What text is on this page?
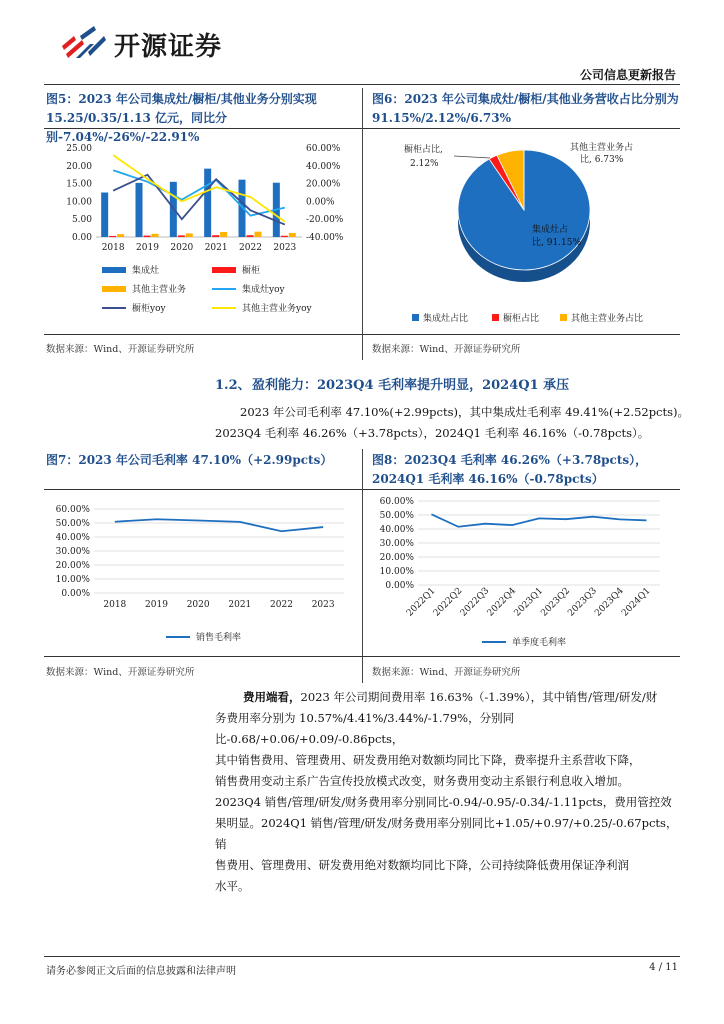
开源证券
公司信息更新报告
图5：2023 年公司集成灶/橱柜/其他业务分别实现15.25/0.35/1.13 亿元，同比分别-7.04%/-26%/-22.91%
图6：2023 年公司集成灶/橱柜/其他业务营收占比分别为91.15%/2.12%/6.73%
25.00
20.00
15.00
10.00
5.00
0.00
60.00%
40.00%
20.00%
0.00%
-20.00%
-40.00%
2018 2019 2020 2021 2022 2023
集成灶	橱柜
其他主营业务	集成灶yoy
橱柜yoy	其他主营业务yoy
其他主营业务占
比, 6.73%
橱柜占比,
2.12%
集成灶占
比, 91.15%
集成灶占比	橱柜占比	其他主营业务占比
数据来源：Wind、开源证券研究所	数据来源：Wind、开源证券研究所
1.2、 盈利能力：2023Q4 毛利率提升明显，2024Q1 承压
2023 年公司毛利率 47.10%(+2.99pcts)，其中集成灶毛利率 49.41%(+2.52pcts)。
2023Q4 毛利率 46.26%（+3.78pcts），2024Q1 毛利率 46.16%（-0.78pcts）。
图7：2023 年公司毛利率 47.10%（+2.99pcts）	图8：2023Q4 毛利率 46.26%（+3.78pcts），2024Q1 毛利率 46.16%（-0.78pcts）
60.00%
50.00%
40.00%
30.00%
20.00%
10.00%
0.00%
2018 2019 2020 2021 2022 2023
销售毛利率
60.00%
50.00%
40.00%
30.00%
20.00%
10.00%
0.00%
2022Q1
2022Q2
2022Q3
2022Q4
2023Q1
2023Q2
2023Q3
2023Q4
2024Q1
单季度毛利率
数据来源：Wind、开源证券研究所	数据来源：Wind、开源证券研究所
费用端看，2023 年公司期间费用率 16.63%（-1.39%），其中销售/管理/研发/财
务费用率分别为 10.57%/4.41%/3.44%/-1.79%，分别同比-0.68/+0.06/+0.09/-0.86pcts，
其中销售费用、管理费用、研发费用绝对数额均同比下降，费率提升主系营收下降，
销售费用变动主系广告宣传投放模式改变，财务费用变动主系银行利息收入增加。
2023Q4 销售/管理/研发/财务费用率分别同比-0.94/-0.95/-0.34/-1.11pcts，费用管控效
果明显。2024Q1 销售/管理/研发/财务费用率分别同比+1.05/+0.97/+0.25/-0.67pcts，销
售费用、管理费用、研发费用绝对数额均同比下降，公司持续降低费用保证净利润
水平。
请务必参阅正文后面的信息披露和法律声明	4 / 11
